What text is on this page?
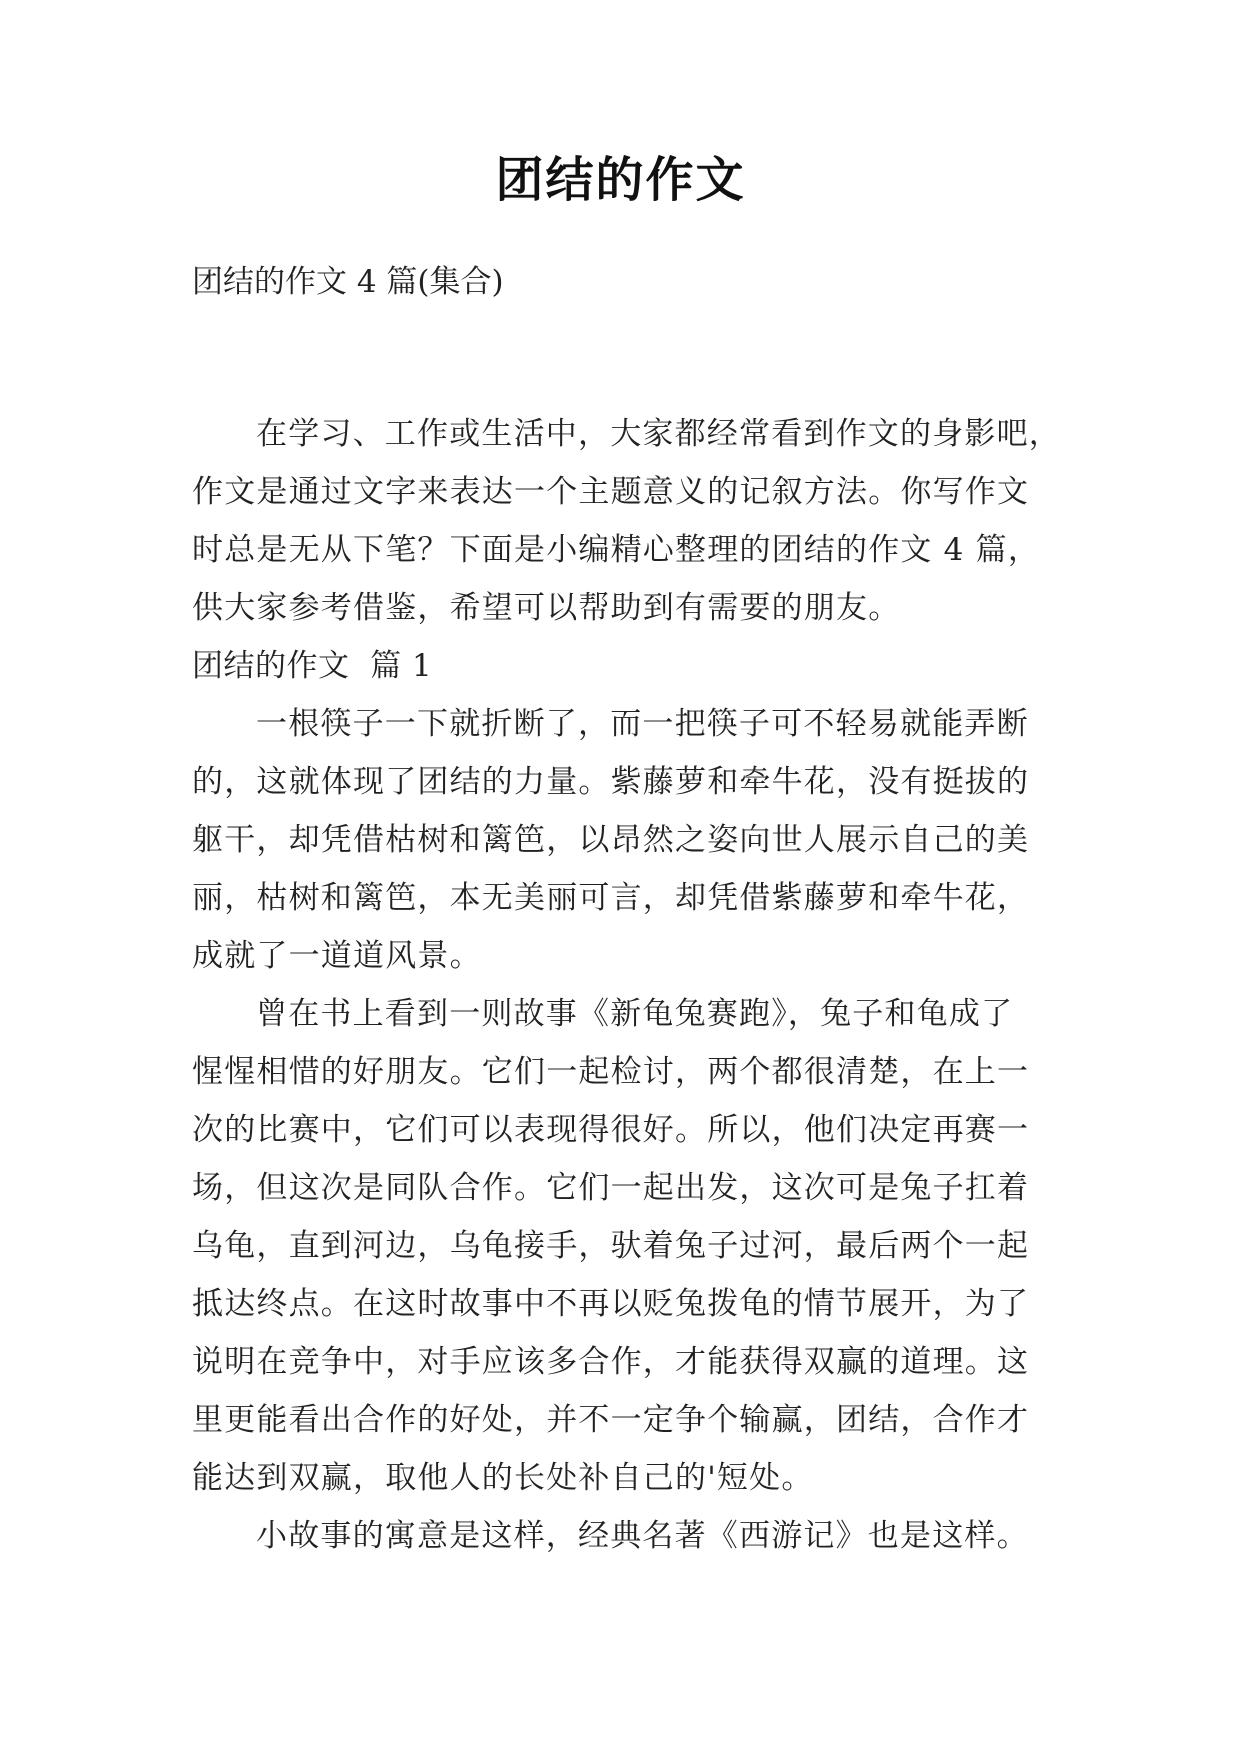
团结的作文
团结的作文 4 篇(集合)
在学习、工作或生活中，大家都经常看到作文的身影吧，
作文是通过文字来表达一个主题意义的记叙方法。你写作文
时总是无从下笔？下面是小编精心整理的团结的作文 4 篇，
供大家参考借鉴，希望可以帮助到有需要的朋友。
团结的作文  篇 1
一根筷子一下就折断了，而一把筷子可不轻易就能弄断
的，这就体现了团结的力量。紫藤萝和牵牛花，没有挺拔的
躯干，却凭借枯树和篱笆，以昂然之姿向世人展示自己的美
丽，枯树和篱笆，本无美丽可言，却凭借紫藤萝和牵牛花，
成就了一道道风景。
曾在书上看到一则故事《新龟兔赛跑》，兔子和龟成了
惺惺相惜的好朋友。它们一起检讨，两个都很清楚，在上一
次的比赛中，它们可以表现得很好。所以，他们决定再赛一
场，但这次是同队合作。它们一起出发，这次可是兔子扛着
乌龟，直到河边，乌龟接手，驮着兔子过河，最后两个一起
抵达终点。在这时故事中不再以贬兔拨龟的情节展开，为了
说明在竞争中，对手应该多合作，才能获得双赢的道理。这
里更能看出合作的好处，并不一定争个输赢，团结，合作才
能达到双赢，取他人的长处补自己的'短处。
小故事的寓意是这样，经典名著《西游记》也是这样。
